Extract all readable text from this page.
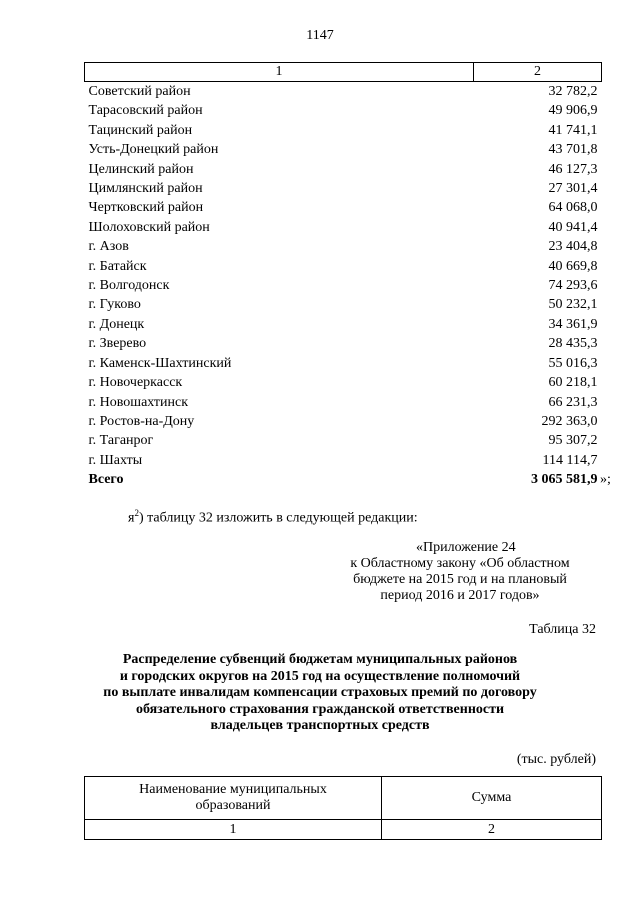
1147
1	2
Советский район	32 782,2
Тарасовский район	49 906,9
Тацинский район	41 741,1
Усть-Донецкий район	43 701,8
Целинский район	46 127,3
Цимлянский район	27 301,4
Чертковский район	64 068,0
Шолоховский район	40 941,4
г. Азов	23 404,8
г. Батайск	40 669,8
г. Волгодонск	74 293,6
г. Гуково	50 232,1
г. Донецк	34 361,9
г. Зверево	28 435,3
г. Каменск-Шахтинский	55 016,3
г. Новочеркасск	60 218,1
г. Новошахтинск	66 231,3
г. Ростов-на-Дону	292 363,0
г. Таганрог	95 307,2
г. Шахты	114 114,7
Всего	3 065 581,9 »;
$я^2$) таблицу 32 изложить в следующей редакции:
«Приложение 24
к Областному закону «Об областном
бюджете на 2015 год и на плановый
период 2016 и 2017 годов»
Таблица 32
Распределение субвенций бюджетам муниципальных районов
и городских округов на 2015 год на осуществление полномочий
по выплате инвалидам компенсации страховых премий по договору
обязательного страхования гражданской ответственности
владельцев транспортных средств
(тыс. рублей)
Наименование муниципальных
образований	Сумма
1	2
